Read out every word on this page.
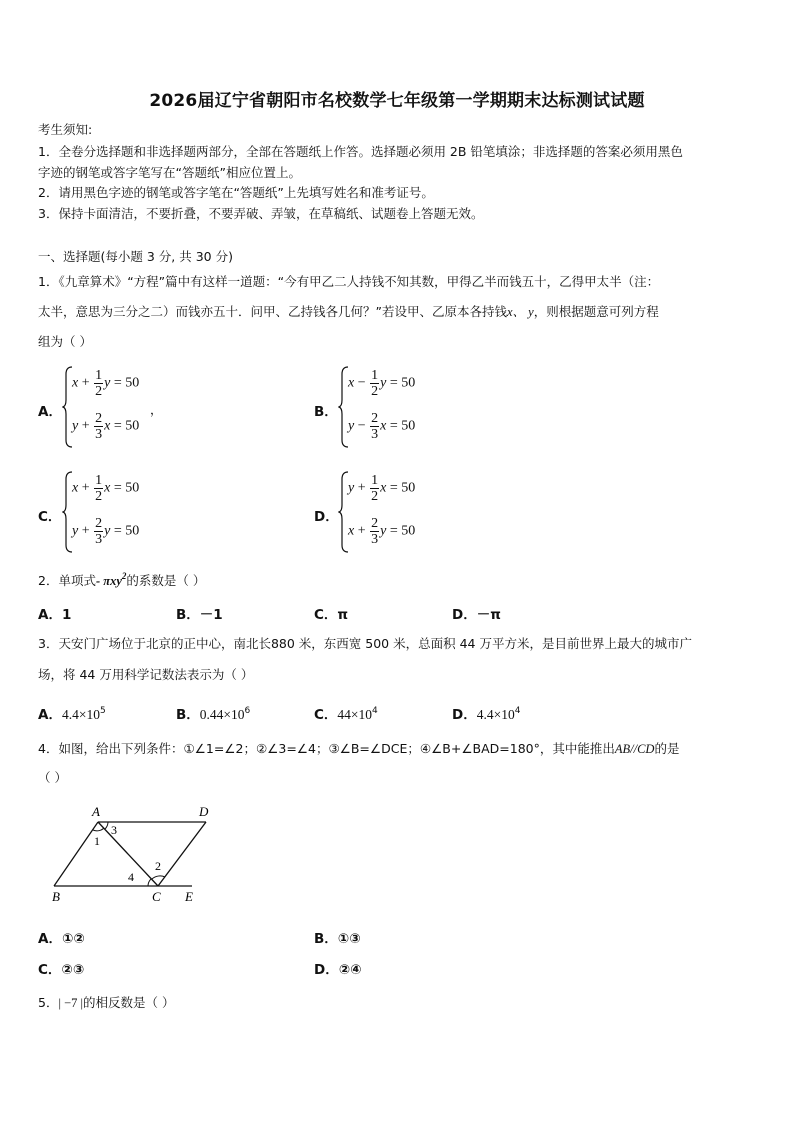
2026届辽宁省朝阳市名校数学七年级第一学期期末达标测试试题
考生须知:
1．全卷分选择题和非选择题两部分，全部在答题纸上作答。选择题必须用 2B 铅笔填涂；非选择题的答案必须用黑色
字迹的钢笔或答字笔写在“答题纸”相应位置上。
2．请用黑色字迹的钢笔或答字笔在“答题纸”上先填写姓名和准考证号。
3．保持卡面清洁，不要折叠，不要弄破、弄皱，在草稿纸、试题卷上答题无效。
一、选择题(每小题 3 分, 共 30 分)
1．《九章算术》“方程”篇中有这样一道题：“今有甲乙二人持钱不知其数，甲得乙半而钱五十，乙得甲太半（注：
太半，意思为三分之二）而钱亦五十．问甲、乙持钱各几何？”若设甲、乙原本各持钱x、 y，则根据题意可列方程
组为（ ）
A．
$x + \frac{1}{2}$ y = 50
$y + \frac{2}{3}$ x = 50
，	B．
$x - \frac{1}{2}$ y = 50
$y - \frac{2}{3}$ x = 50
C．
$x + \frac{1}{2}$ x = 50
$y + \frac{2}{3}$ y = 50
D．
$y + \frac{1}{2}$ x = 50
$x + \frac{2}{3}$ y = 50
2．单项式- πxy$^2$的系数是（ ）
A．1	B．－1	C．π	D．－π
3．天安门广场位于北京的正中心，南北长880 米，东西宽 500 米，总面积 44 万平方米，是目前世界上最大的城市广
场，将 44 万用科学记数法表示为（ ）
A．$4.4\times 10^5$	B．$0.44\times 10^6$	C．$44\times 10^4$	D．$4.4\times 10^4$
4．如图，给出下列条件：①∠1=∠2；②∠3=∠4；③∠B=∠DCE；④∠B+∠BAD=180°，其中能推出AB//CD的是
（ ）
A	D
B	C E
1
2
3
4
A．①②	B．①③
C．②③	D．②④
5．| −7 |的相反数是（ ）
